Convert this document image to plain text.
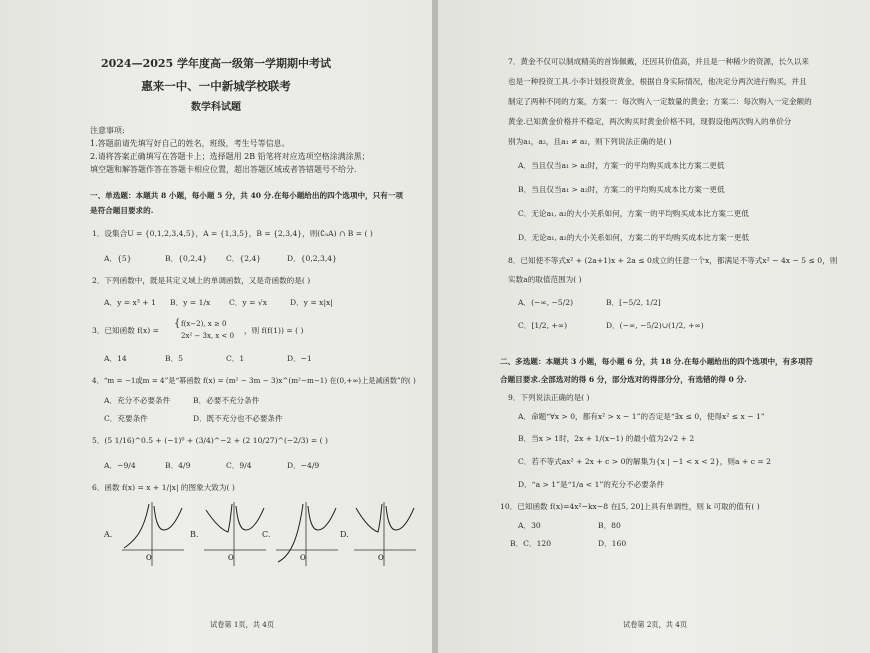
2024—2025 学年度高一级第一学期期中考试
惠来一中、一中新城学校联考
数学科试题
注意事项:
1.答题前请先填写好自己的姓名，班级，考生号等信息。
2.请将答案正确填写在答题卡上；选择题用 2B 铅笔将对应选项空格涂满涂黑；
填空题和解答题作答在答题卡相应位置，超出答题区域或者答错题号不给分.
一、单选题：本题共 8 小题，每小题 5 分，共 40 分.在每小题给出的四个选项中，只有一项
是符合题目要求的.
1．设集合U = {0,1,2,3,4,5}，A = {1,3,5}，B = {2,3,4}，则(∁ᵤA) ∩ B = ( )
A．{5}	B．{0,2,4} C．{2,4}	D．{0,2,3,4}
2．下列函数中，既是其定义域上的单调函数，又是奇函数的是( )
A．y = x³ + 1 B．y = 1/x C．y = √x	D．y = x|x|
3．已知函数 f(x) =
{ f(x−2), x ≥ 0
2x² − 3x, x < 0
，则 f(f(1)) = ( )
A．14	B．5	C．1	D．−1
4．“m = −1或m = 4”是“幂函数 f(x) = (m² − 3m − 3)x^(m²−m−1) 在(0,+∞)上是减函数”的( )
A．充分不必要条件	B．必要不充分条件
C．充要条件	D．既不充分也不必要条件
5．(5 1/16)^0.5 + (−1)⁰ + (3/4)^−2 + (2 10/27)^(−2/3) = ( )
A．−9/4	B．4/9	C．9/4	D．−4/9
6．函数 f(x) = x + 1/|x| 的图象大致为( )
A.
O
B.
O
C.
O
D.
O
试卷第 1页，共 4页
7．黄金不仅可以制成精美的首饰佩戴，还因其价值高，并且是一种稀少的资源，长久以来
也是一种投资工具.小李计划投资黄金，根据自身实际情况，他决定分两次进行购买，并且
制定了两种不同的方案，方案一：每次购入一定数量的黄金；方案二：每次购入一定金额的
黄金.已知黄金价格并不稳定，两次购买时黄金价格不同，现假设他两次购入的单价分
别为a₁，a₂，且a₁ ≠ a₂，则下列说法正确的是( )
A．当且仅当a₁ > a₂时，方案一的平均购买成本比方案二更低
B．当且仅当a₁ > a₂时，方案二的平均购买成本比方案一更低
C．无论a₁, a₂的大小关系如何，方案一的平均购买成本比方案二更低
D．无论a₁, a₂的大小关系如何，方案二的平均购买成本比方案一更低
8．已知使不等式x² + (2a+1)x + 2a ≤ 0成立的任意一个x，都满足不等式x² − 4x − 5 ≤ 0，则
实数a的取值范围为( )
A．(−∞, −5/2)	B．[−5/2, 1/2]
C．[1/2, +∞)	D．(−∞, −5/2)∪(1/2, +∞)
二、多选题：本题共 3 小题，每小题 6 分，共 18 分.在每小题给出的四个选项中，有多项符
合题目要求.全部选对的得 6 分，部分选对的得部分分，有选错的得 0 分.
9．下列说法正确的是( )
A．命题“∀x > 0，都有x² > x − 1”的否定是“∃x ≤ 0，使得x² ≤ x − 1”
B．当x > 1时，2x + 1/(x−1) 的最小值为2√2 + 2
C．若不等式ax² + 2x + c > 0的解集为{x | −1 < x < 2}，则a + c = 2
D．“a > 1”是“1/a < 1”的充分不必要条件
10．已知函数 f(x)=4x²−kx−8 在[5, 20]上具有单调性，则 k 可取的值有( )
A．30	B．80
B．C．120	D．160
试卷第 2页，共 4页
